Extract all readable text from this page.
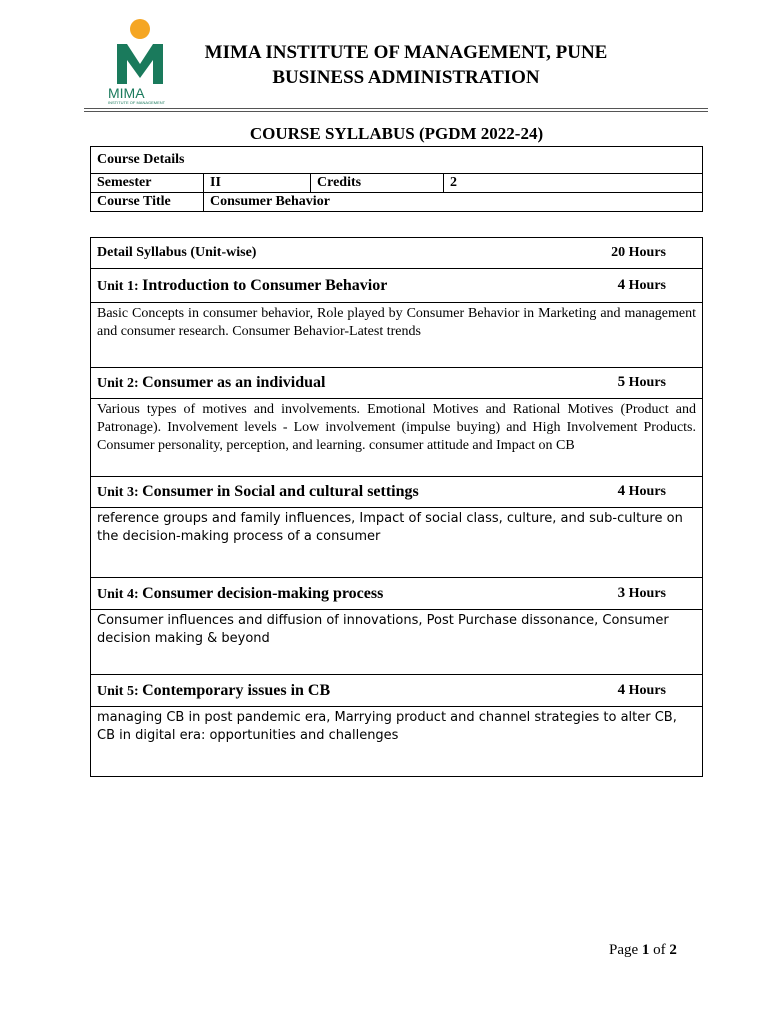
MIMA
INSTITUTE OF MANAGEMENT
MIMA INSTITUTE OF MANAGEMENT, PUNE
BUSINESS ADMINISTRATION
COURSE SYLLABUS (PGDM 2022-24)
Course Details			
Semester	II	Credits	2
Course Title	Consumer Behavior		
Detail Syllabus (Unit-wise)	20 Hours

Unit 1: Introduction to Consumer Behavior	4 Hours

Basic Concepts in consumer behavior, Role played by Consumer Behavior in Marketing and management and consumer research. Consumer Behavior-Latest trends
Unit 2: Consumer as an individual	5 Hours

Various types of motives and involvements. Emotional Motives and Rational Motives (Product and Patronage). Involvement levels - Low involvement (impulse buying) and High Involvement Products. Consumer personality, perception, and learning. consumer attitude and Impact on CB
Unit 3: Consumer in Social and cultural settings	4 Hours

reference groups and family influences, Impact of social class, culture, and sub-culture on the decision-making process of a consumer
Unit 4: Consumer decision-making process	3 Hours

Consumer influences and diffusion of innovations, Post Purchase dissonance, Consumer decision making & beyond
Unit 5: Contemporary issues in CB	4 Hours

managing CB in post pandemic era, Marrying product and channel strategies to alter CB, CB in digital era: opportunities and challenges
Page 1 of 2
